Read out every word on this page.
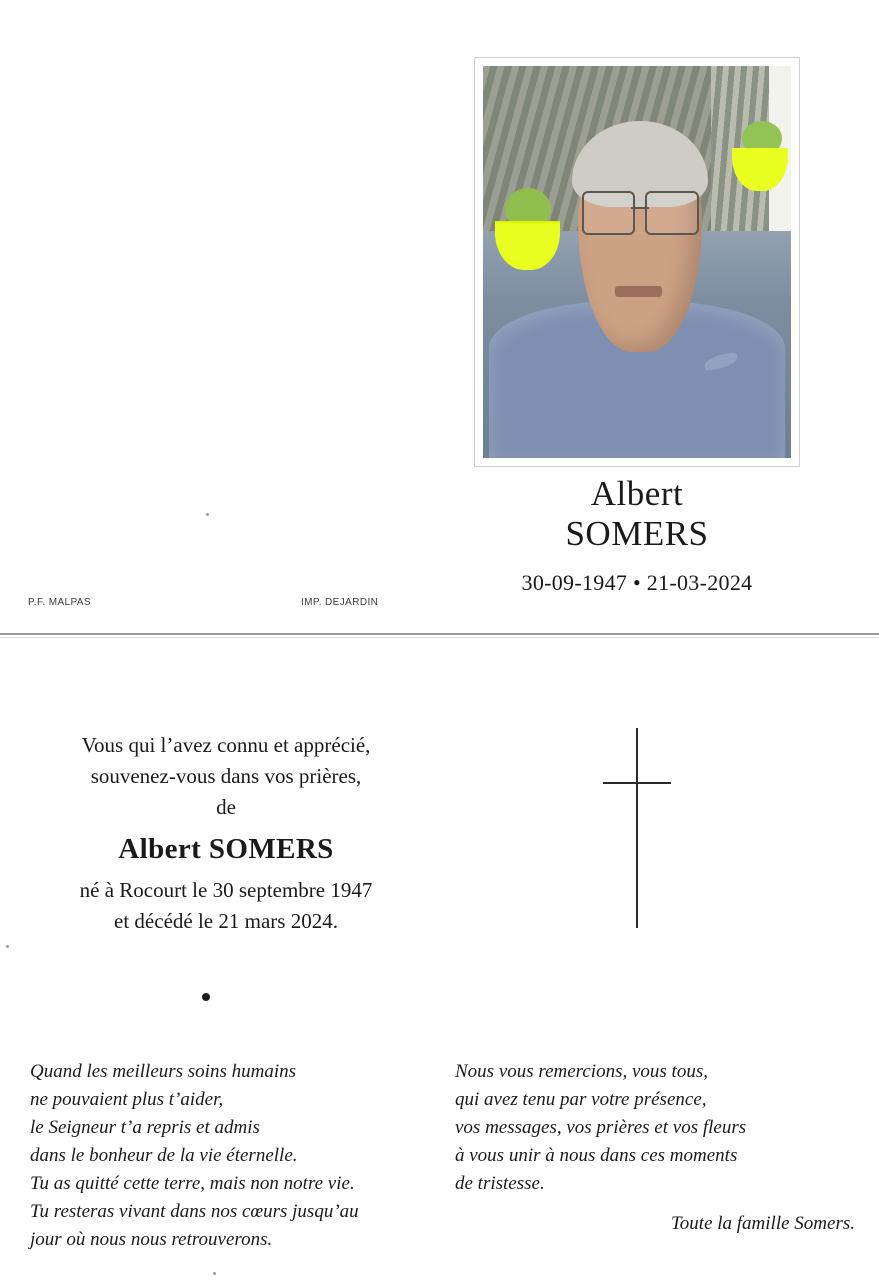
Albert
SOMERS
30-09-1947 • 21-03-2024
P.F. MALPAS	IMP. DEJARDIN
Vous qui l’avez connu et apprécié,
souvenez-vous dans vos prières,
de
Albert SOMERS
né à Rocourt le 30 septembre 1947
et décédé le 21 mars 2024.
Quand les meilleurs soins humains
ne pouvaient plus t’aider,
le Seigneur t’a repris et admis
dans le bonheur de la vie éternelle.
Tu as quitté cette terre, mais non notre vie.
Tu resteras vivant dans nos cœurs jusqu’au
jour où nous nous retrouverons.
Nous vous remercions, vous tous,
qui avez tenu par votre présence,
vos messages, vos prières et vos fleurs
à vous unir à nous dans ces moments
de tristesse.
Toute la famille Somers.
